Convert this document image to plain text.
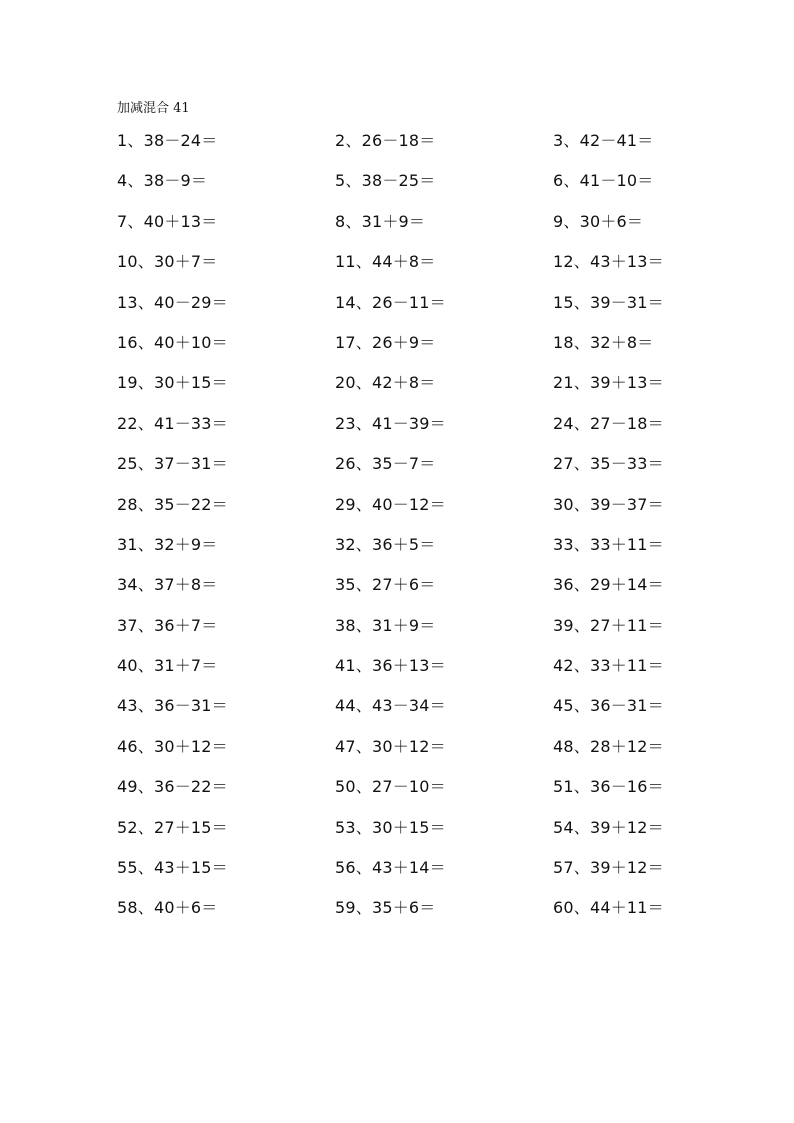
加减混合 41
1、38－24＝	2、26－18＝	3、42－41＝
4、38－9＝	5、38－25＝	6、41－10＝
7、40＋13＝	8、31＋9＝	9、30＋6＝
10、30＋7＝	11、44＋8＝	12、43＋13＝
13、40－29＝	14、26－11＝	15、39－31＝
16、40＋10＝	17、26＋9＝	18、32＋8＝
19、30＋15＝	20、42＋8＝	21、39＋13＝
22、41－33＝	23、41－39＝	24、27－18＝
25、37－31＝	26、35－7＝	27、35－33＝
28、35－22＝	29、40－12＝	30、39－37＝
31、32＋9＝	32、36＋5＝	33、33＋11＝
34、37＋8＝	35、27＋6＝	36、29＋14＝
37、36＋7＝	38、31＋9＝	39、27＋11＝
40、31＋7＝	41、36＋13＝	42、33＋11＝
43、36－31＝	44、43－34＝	45、36－31＝
46、30＋12＝	47、30＋12＝	48、28＋12＝
49、36－22＝	50、27－10＝	51、36－16＝
52、27＋15＝	53、30＋15＝	54、39＋12＝
55、43＋15＝	56、43＋14＝	57、39＋12＝
58、40＋6＝	59、35＋6＝	60、44＋11＝
